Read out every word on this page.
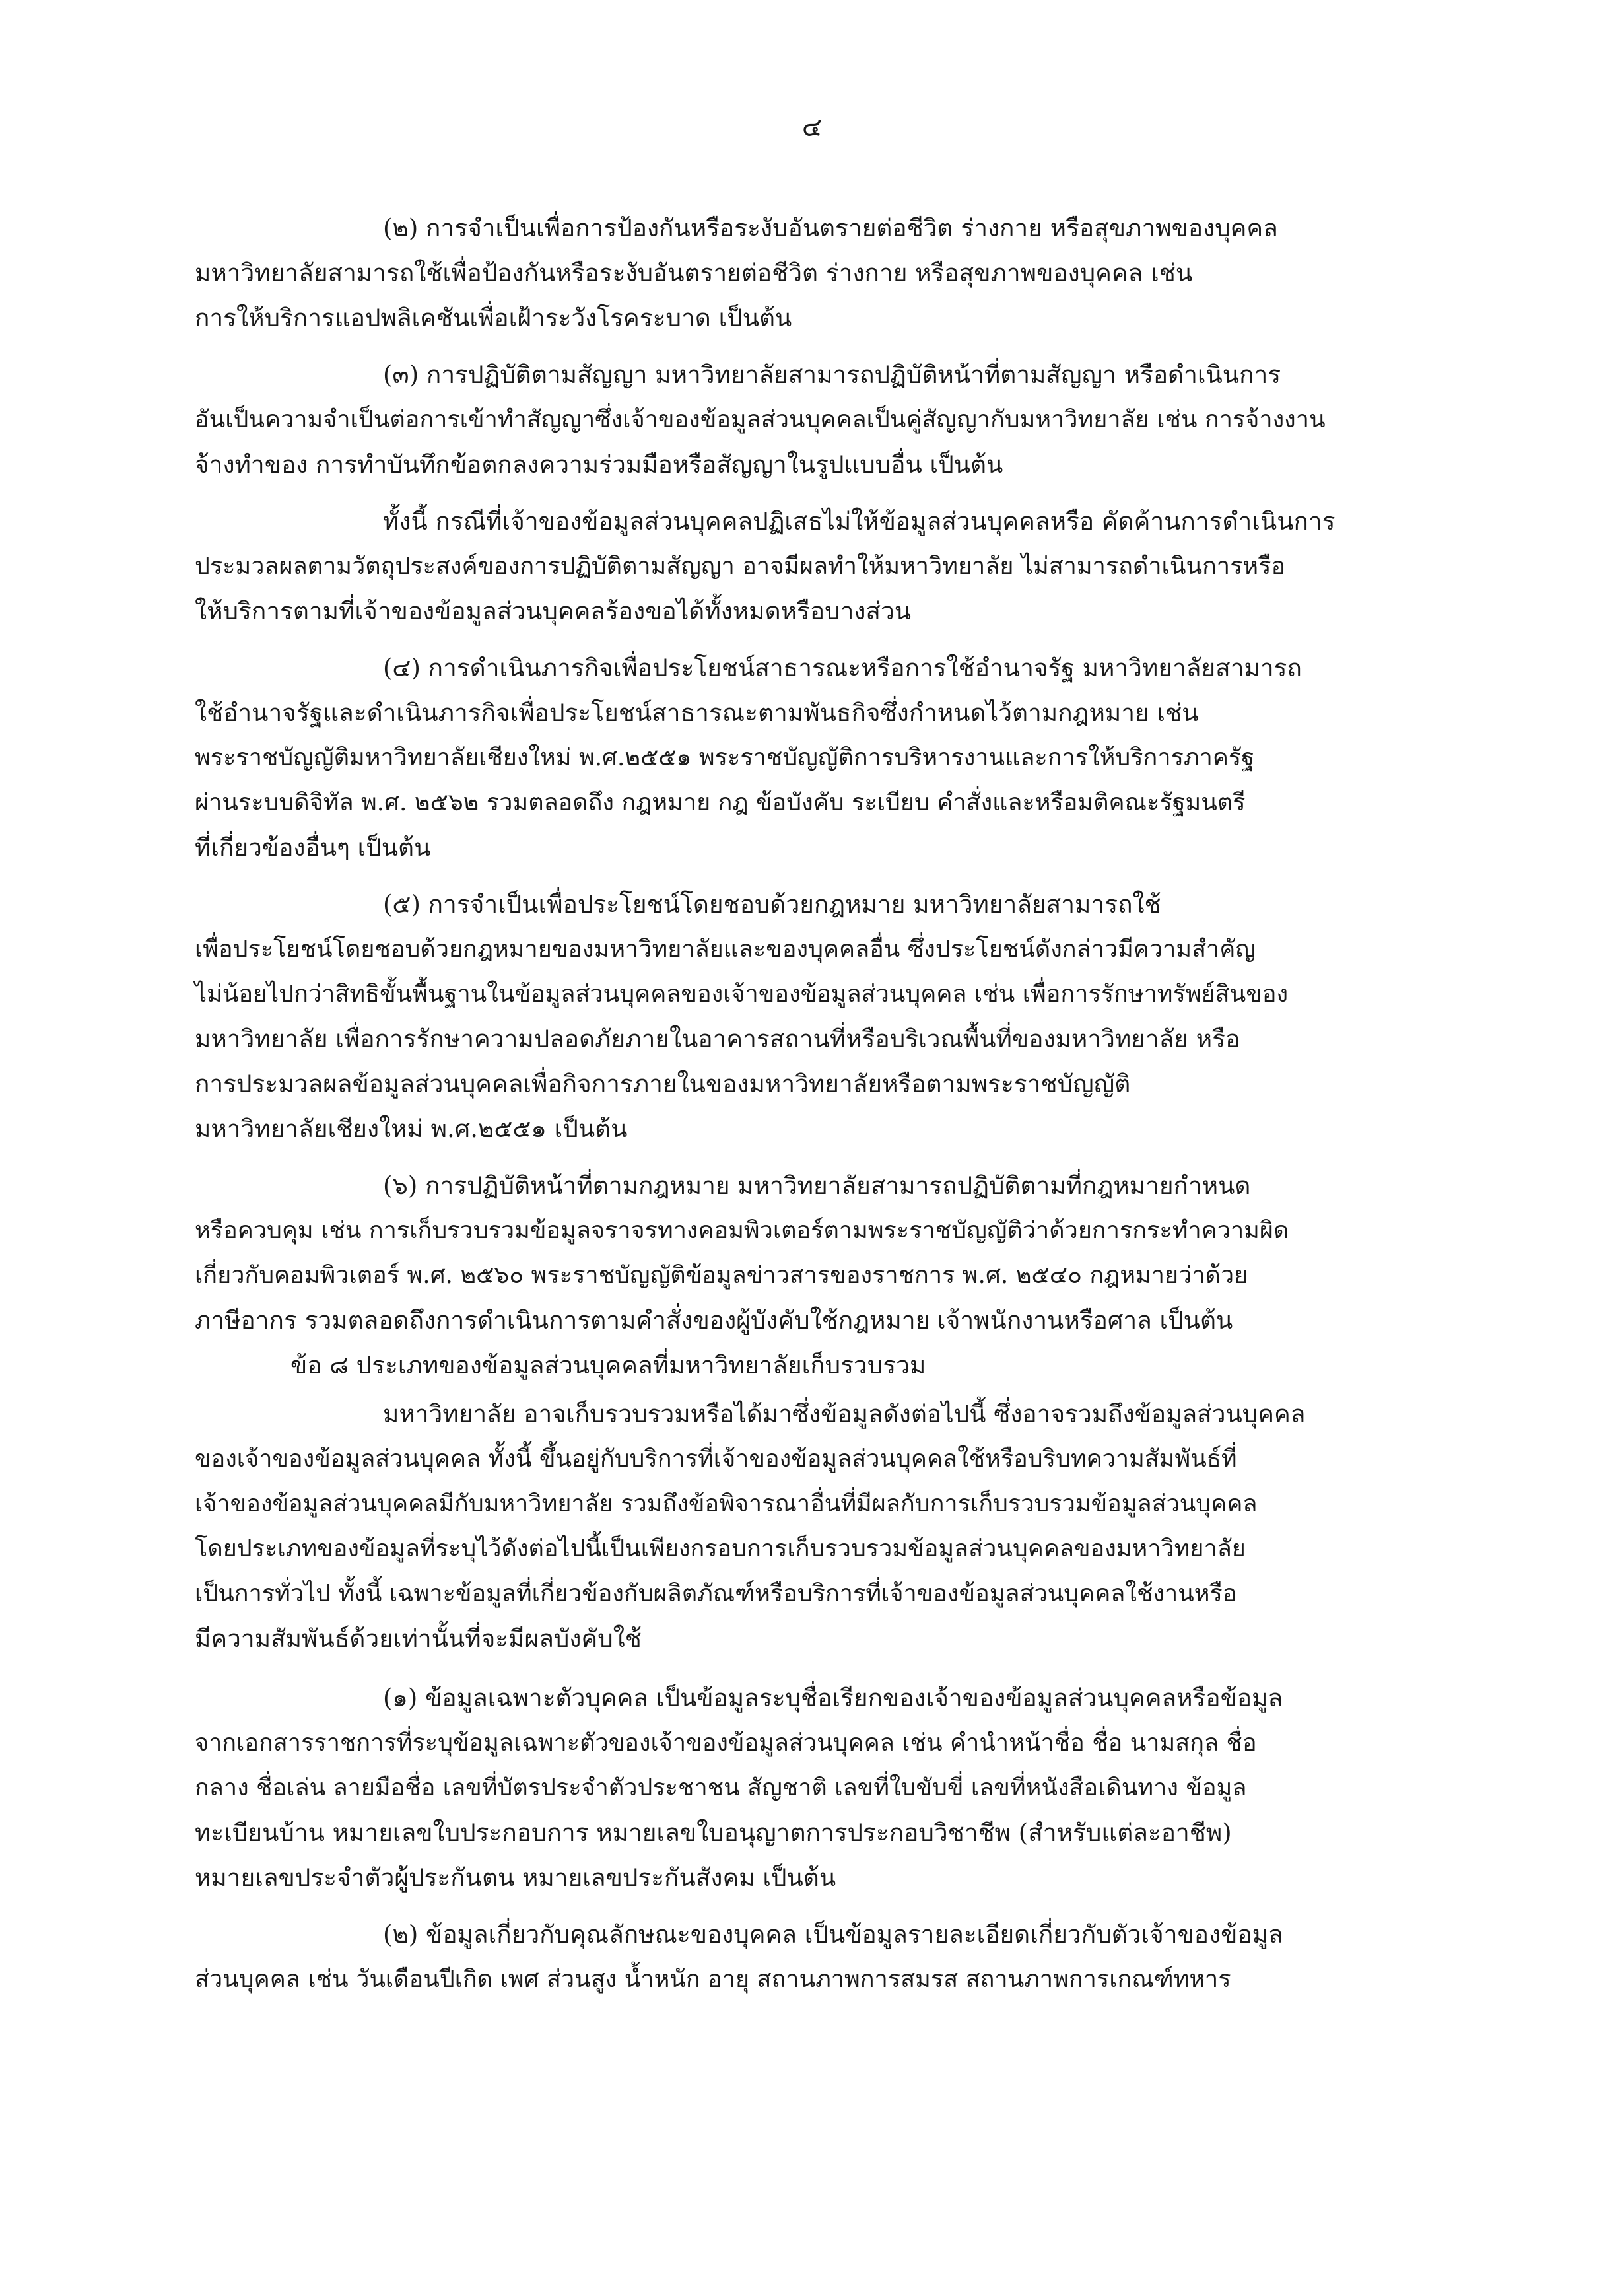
๔
(๒) การจำเป็นเพื่อการป้องกันหรือระงับอันตรายต่อชีวิต ร่างกาย หรือสุขภาพของบุคคล
มหาวิทยาลัยสามารถใช้เพื่อป้องกันหรือระงับอันตรายต่อชีวิต ร่างกาย หรือสุขภาพของบุคคล เช่น
การให้บริการแอปพลิเคชันเพื่อเฝ้าระวังโรคระบาด เป็นต้น
(๓) การปฏิบัติตามสัญญา มหาวิทยาลัยสามารถปฏิบัติหน้าที่ตามสัญญา หรือดำเนินการ
อันเป็นความจำเป็นต่อการเข้าทำสัญญาซึ่งเจ้าของข้อมูลส่วนบุคคลเป็นคู่สัญญากับมหาวิทยาลัย เช่น การจ้างงาน
จ้างทำของ การทำบันทึกข้อตกลงความร่วมมือหรือสัญญาในรูปแบบอื่น เป็นต้น
ทั้งนี้ กรณีที่เจ้าของข้อมูลส่วนบุคคลปฏิเสธไม่ให้ข้อมูลส่วนบุคคลหรือ คัดค้านการดำเนินการ
ประมวลผลตามวัตถุประสงค์ของการปฏิบัติตามสัญญา อาจมีผลทำให้มหาวิทยาลัย ไม่สามารถดำเนินการหรือ
ให้บริการตามที่เจ้าของข้อมูลส่วนบุคคลร้องขอได้ทั้งหมดหรือบางส่วน
(๔) การดำเนินภารกิจเพื่อประโยชน์สาธารณะหรือการใช้อำนาจรัฐ มหาวิทยาลัยสามารถ
ใช้อำนาจรัฐและดำเนินภารกิจเพื่อประโยชน์สาธารณะตามพันธกิจซึ่งกำหนดไว้ตามกฎหมาย เช่น
พระราชบัญญัติมหาวิทยาลัยเชียงใหม่ พ.ศ.๒๕๕๑ พระราชบัญญัติการบริหารงานและการให้บริการภาครัฐ
ผ่านระบบดิจิทัล พ.ศ. ๒๕๖๒ รวมตลอดถึง กฎหมาย กฎ ข้อบังคับ ระเบียบ คำสั่งและหรือมติคณะรัฐมนตรี
ที่เกี่ยวข้องอื่นๆ เป็นต้น
(๕) การจำเป็นเพื่อประโยชน์โดยชอบด้วยกฎหมาย มหาวิทยาลัยสามารถใช้
เพื่อประโยชน์โดยชอบด้วยกฎหมายของมหาวิทยาลัยและของบุคคลอื่น ซึ่งประโยชน์ดังกล่าวมีความสำคัญ
ไม่น้อยไปกว่าสิทธิขั้นพื้นฐานในข้อมูลส่วนบุคคลของเจ้าของข้อมูลส่วนบุคคล เช่น เพื่อการรักษาทรัพย์สินของ
มหาวิทยาลัย เพื่อการรักษาความปลอดภัยภายในอาคารสถานที่หรือบริเวณพื้นที่ของมหาวิทยาลัย หรือ
การประมวลผลข้อมูลส่วนบุคคลเพื่อกิจการภายในของมหาวิทยาลัยหรือตามพระราชบัญญัติ
มหาวิทยาลัยเชียงใหม่ พ.ศ.๒๕๕๑ เป็นต้น
(๖) การปฏิบัติหน้าที่ตามกฎหมาย มหาวิทยาลัยสามารถปฏิบัติตามที่กฎหมายกำหนด
หรือควบคุม เช่น การเก็บรวบรวมข้อมูลจราจรทางคอมพิวเตอร์ตามพระราชบัญญัติว่าด้วยการกระทำความผิด
เกี่ยวกับคอมพิวเตอร์ พ.ศ. ๒๕๖๐ พระราชบัญญัติข้อมูลข่าวสารของราชการ พ.ศ. ๒๕๔๐ กฎหมายว่าด้วย
ภาษีอากร รวมตลอดถึงการดำเนินการตามคำสั่งของผู้บังคับใช้กฎหมาย เจ้าพนักงานหรือศาล เป็นต้น
ข้อ ๘ ประเภทของข้อมูลส่วนบุคคลที่มหาวิทยาลัยเก็บรวบรวม
มหาวิทยาลัย อาจเก็บรวบรวมหรือได้มาซึ่งข้อมูลดังต่อไปนี้ ซึ่งอาจรวมถึงข้อมูลส่วนบุคคล
ของเจ้าของข้อมูลส่วนบุคคล ทั้งนี้ ขึ้นอยู่กับบริการที่เจ้าของข้อมูลส่วนบุคคลใช้หรือบริบทความสัมพันธ์ที่
เจ้าของข้อมูลส่วนบุคคลมีกับมหาวิทยาลัย รวมถึงข้อพิจารณาอื่นที่มีผลกับการเก็บรวบรวมข้อมูลส่วนบุคคล
โดยประเภทของข้อมูลที่ระบุไว้ดังต่อไปนี้เป็นเพียงกรอบการเก็บรวบรวมข้อมูลส่วนบุคคลของมหาวิทยาลัย
เป็นการทั่วไป ทั้งนี้ เฉพาะข้อมูลที่เกี่ยวข้องกับผลิตภัณฑ์หรือบริการที่เจ้าของข้อมูลส่วนบุคคลใช้งานหรือ
มีความสัมพันธ์ด้วยเท่านั้นที่จะมีผลบังคับใช้
(๑) ข้อมูลเฉพาะตัวบุคคล เป็นข้อมูลระบุชื่อเรียกของเจ้าของข้อมูลส่วนบุคคลหรือข้อมูล
จากเอกสารราชการที่ระบุข้อมูลเฉพาะตัวของเจ้าของข้อมูลส่วนบุคคล เช่น คำนำหน้าชื่อ ชื่อ นามสกุล ชื่อ
กลาง ชื่อเล่น ลายมือชื่อ เลขที่บัตรประจำตัวประชาชน สัญชาติ เลขที่ใบขับขี่ เลขที่หนังสือเดินทาง ข้อมูล
ทะเบียนบ้าน หมายเลขใบประกอบการ หมายเลขใบอนุญาตการประกอบวิชาชีพ (สำหรับแต่ละอาชีพ)
หมายเลขประจำตัวผู้ประกันตน หมายเลขประกันสังคม เป็นต้น
(๒) ข้อมูลเกี่ยวกับคุณลักษณะของบุคคล เป็นข้อมูลรายละเอียดเกี่ยวกับตัวเจ้าของข้อมูล
ส่วนบุคคล เช่น วันเดือนปีเกิด เพศ ส่วนสูง น้ำหนัก อายุ สถานภาพการสมรส สถานภาพการเกณฑ์ทหาร
